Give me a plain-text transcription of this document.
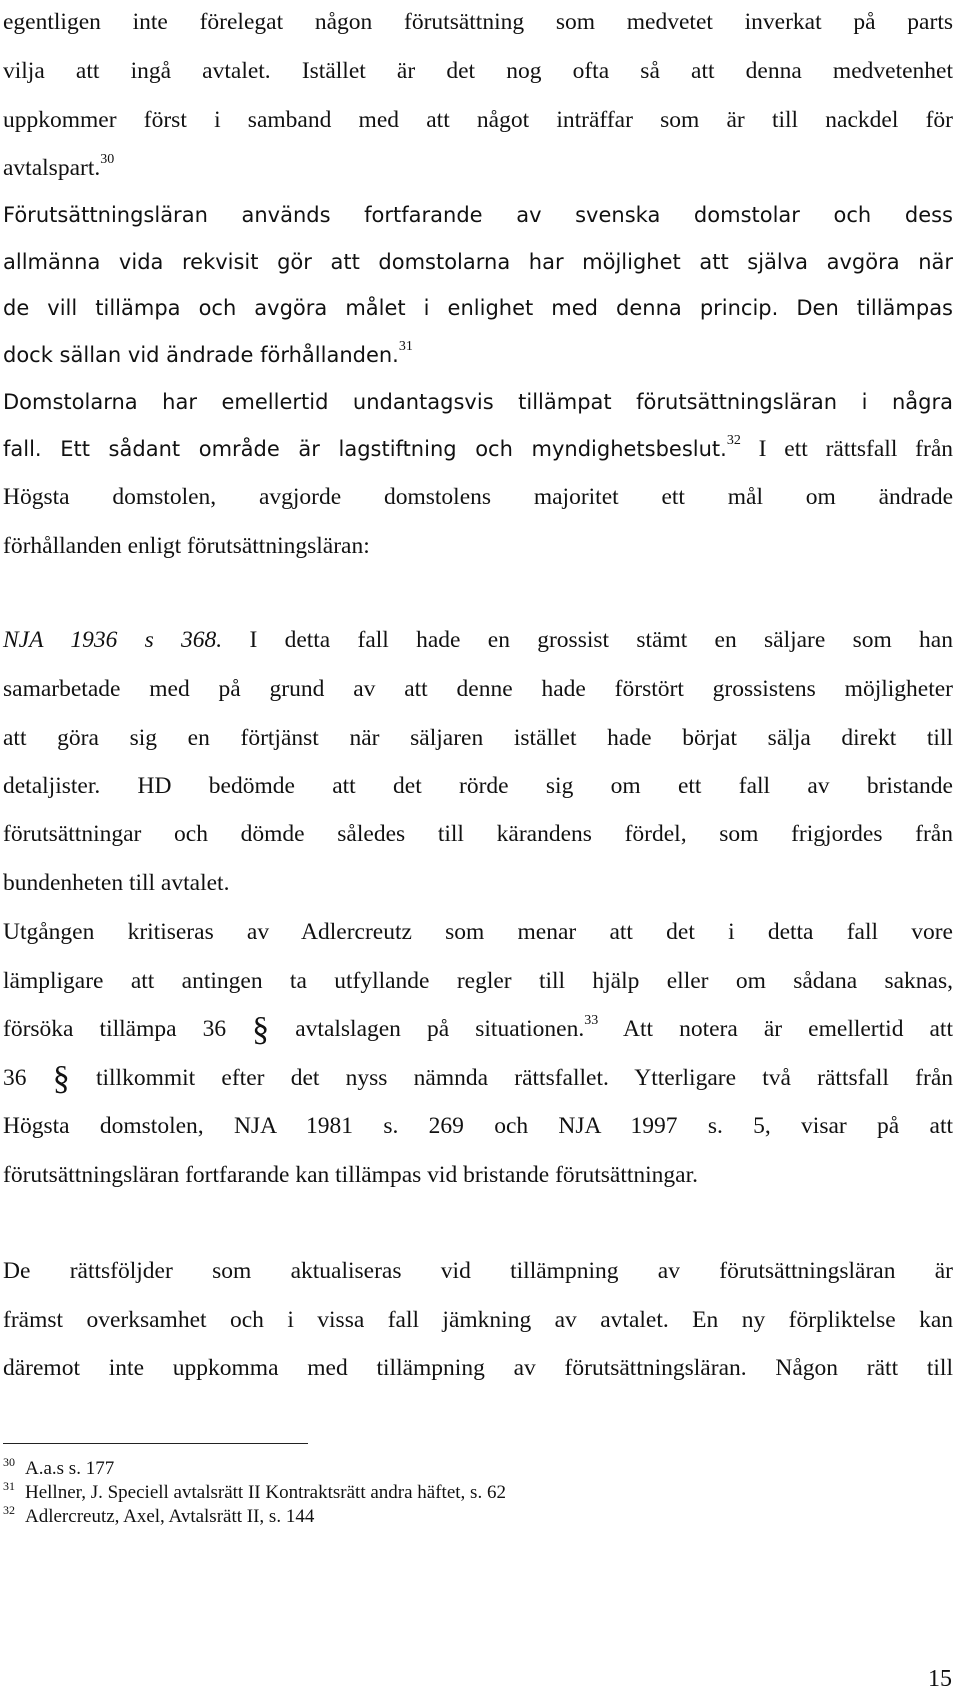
egentligen inte förelegat någon förutsättning som medvetet inverkat på parts
vilja att ingå avtalet. Istället är det nog ofta så att denna medvetenhet
uppkommer först i samband med att något inträffar som är till nackdel för
avtalspart.$^{30}$
Förutsättningsläran används fortfarande av svenska domstolar och dess
allmänna vida rekvisit gör att domstolarna har möjlighet att själva avgöra när
de vill tillämpa och avgöra målet i enlighet med denna princip. Den tillämpas
dock sällan vid ändrade förhållanden.$^{31}$
Domstolarna har emellertid undantagsvis tillämpat förutsättningsläran i några
fall. Ett sådant område är lagstiftning och myndighetsbeslut.$^{32}$ I ett rättsfall från
Högsta domstolen, avgjorde domstolens majoritet ett mål om ändrade
förhållanden enligt förutsättningsläran:
NJA 1936 s 368. I detta fall hade en grossist stämt en säljare som han
samarbetade med på grund av att denne hade förstört grossistens möjligheter
att göra sig en förtjänst när säljaren istället hade börjat sälja direkt till
detaljister. HD bedömde att det rörde sig om ett fall av bristande
förutsättningar och dömde således till kärandens fördel, som frigjordes från
bundenheten till avtalet.
Utgången kritiseras av Adlercreutz som menar att det i detta fall vore
lämpligare att antingen ta utfyllande regler till hjälp eller om sådana saknas,
försöka tillämpa 36 § avtalslagen på situationen.$^{33}$ Att notera är emellertid att
36 § tillkommit efter det nyss nämnda rättsfallet. Ytterligare två rättsfall från
Högsta domstolen, NJA 1981 s. 269 och NJA 1997 s. 5, visar på att
förutsättningsläran fortfarande kan tillämpas vid bristande förutsättningar.
De rättsföljder som aktualiseras vid tillämpning av förutsättningsläran är
främst overksamhet och i vissa fall jämkning av avtalet. En ny förpliktelse kan
däremot inte uppkomma med tillämpning av förutsättningsläran. Någon rätt till
$^{30}$ A.a.s s. 177
$^{31}$ Hellner, J. Speciell avtalsrätt II Kontraktsrätt andra häftet, s. 62
$^{32}$ Adlercreutz, Axel, Avtalsrätt II, s. 144
15
